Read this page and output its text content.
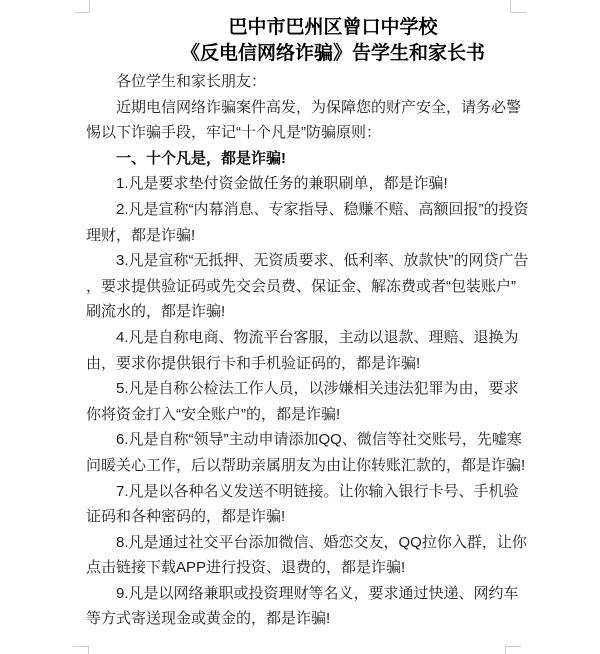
巴中市巴州区曾口中学校
《反电信网络诈骗》告学生和家长书
各位学生和家长朋友：
近期电信网络诈骗案件高发，为保障您的财产安全，请务必警
惕以下诈骗手段，牢记“十个凡是”防骗原则：
一、十个凡是，都是诈骗!
1.凡是要求垫付资金做任务的兼职刷单，都是诈骗!
2.凡是宣称“内幕消息、专家指导、稳赚不赔、高额回报”的投资
理财，都是诈骗!
3.凡是宣称“无抵押、无资质要求、低利率、放款快”的网贷广告
，要求提供验证码或先交会员费、保证金、解冻费或者“包装账户”
刷流水的，都是诈骗!
4.凡是自称电商、物流平台客服，主动以退款、理赔、退换为
由，要求你提供银行卡和手机验证码的，都是诈骗!
5.凡是自称公检法工作人员，以涉嫌相关违法犯罪为由，要求
你将资金打入“安全账户”的，都是诈骗!
6.凡是自称“领导”主动申请添加QQ、微信等社交账号，先嘘寒
问暖关心工作，后以帮助亲属朋友为由让你转账汇款的，都是诈骗!
7.凡是以各种名义发送不明链接。让你输入银行卡号、手机验
证码和各种密码的，都是诈骗!
8.凡是通过社交平台添加微信、婚恋交友，QQ拉你入群，让你
点击链接下载APP进行投资、退费的，都是诈骗!
9.凡是以网络兼职或投资理财等名义，要求通过快递、网约车
等方式寄送现金或黄金的，都是诈骗!
